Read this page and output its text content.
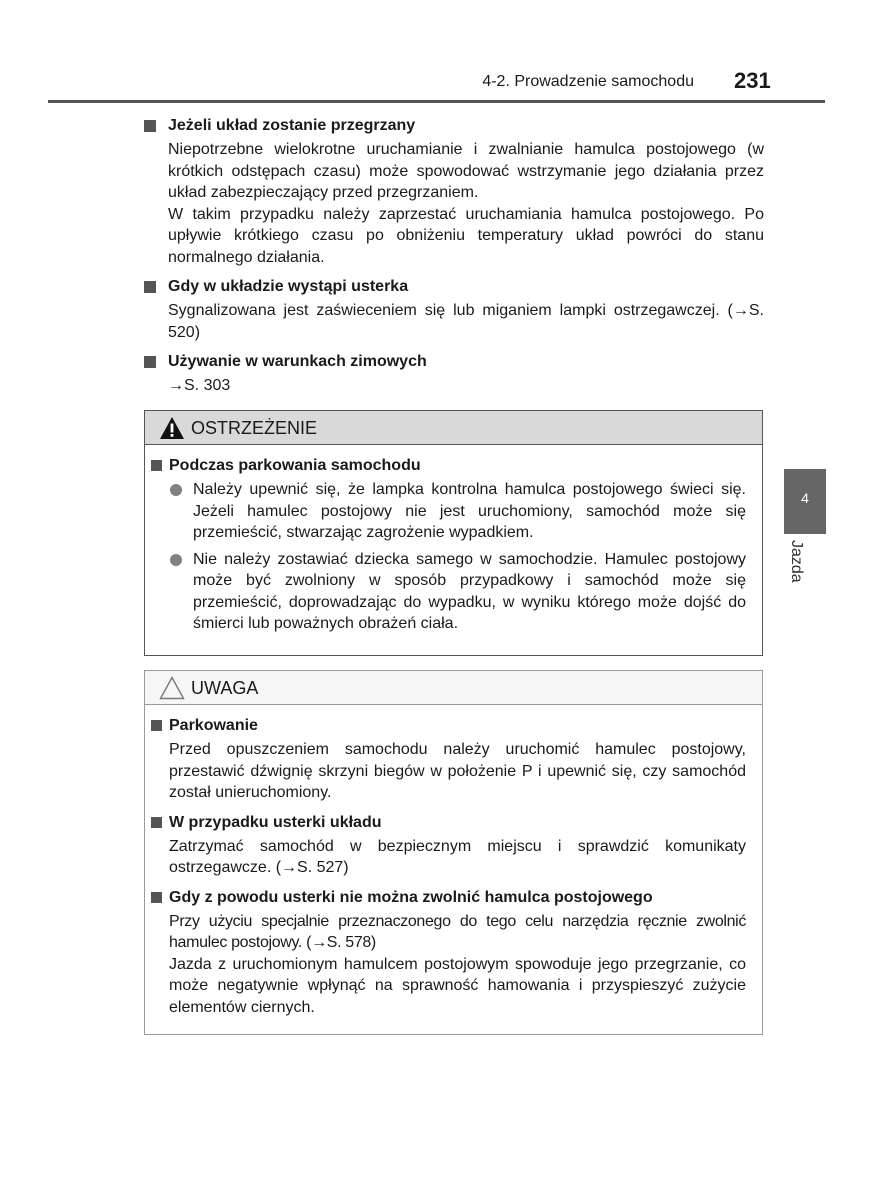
4-2. Prowadzenie samochodu 231
Jeżeli układ zostanie przegrzany

Niepotrzebne wielokrotne uruchamianie i zwalnianie hamulca postojowego (w krótkich odstępach czasu) może spowodować wstrzymanie jego działania przez układ zabezpieczający przed przegrzaniem.

W takim przypadku należy zaprzestać uruchamiania hamulca postojowego. Po upływie krótkiego czasu po obniżeniu temperatury układ powróci do stanu normalnego działania.

Gdy w układzie wystąpi usterka

Sygnalizowana jest zaświeceniem się lub miganiem lampki ostrzegawczej. (→S. 520)

Używanie w warunkach zimowych

→S. 303

OSTRZEŻENIE
Podczas parkowania samochodu
Należy upewnić się, że lampka kontrolna hamulca postojowego świeci się. Jeżeli hamulec postojowy nie jest uruchomiony, samochód może się przemieścić, stwarzając zagrożenie wypadkiem.
Nie należy zostawiać dziecka samego w samochodzie. Hamulec postojowy może być zwolniony w sposób przypadkowy i samochód może się przemieścić, doprowadzając do wypadku, w wyniku którego może dojść do śmierci lub poważnych obrażeń ciała.
UWAGA
Parkowanie

Przed opuszczeniem samochodu należy uruchomić hamulec postojowy, przestawić dźwignię skrzyni biegów w położenie P i upewnić się, czy samochód został unieruchomiony.

W przypadku usterki układu

Zatrzymać samochód w bezpiecznym miejscu i sprawdzić komunikaty ostrzegawcze. (→S. 527)

Gdy z powodu usterki nie można zwolnić hamulca postojowego

Przy użyciu specjalnie przeznaczonego do tego celu narzędzia ręcznie zwolnić hamulec postojowy. (→S. 578)

Jazda z uruchomionym hamulcem postojowym spowoduje jego przegrzanie, co może negatywnie wpłynąć na sprawność hamowania i przyspieszyć zużycie elementów ciernych.

4
Jazda
